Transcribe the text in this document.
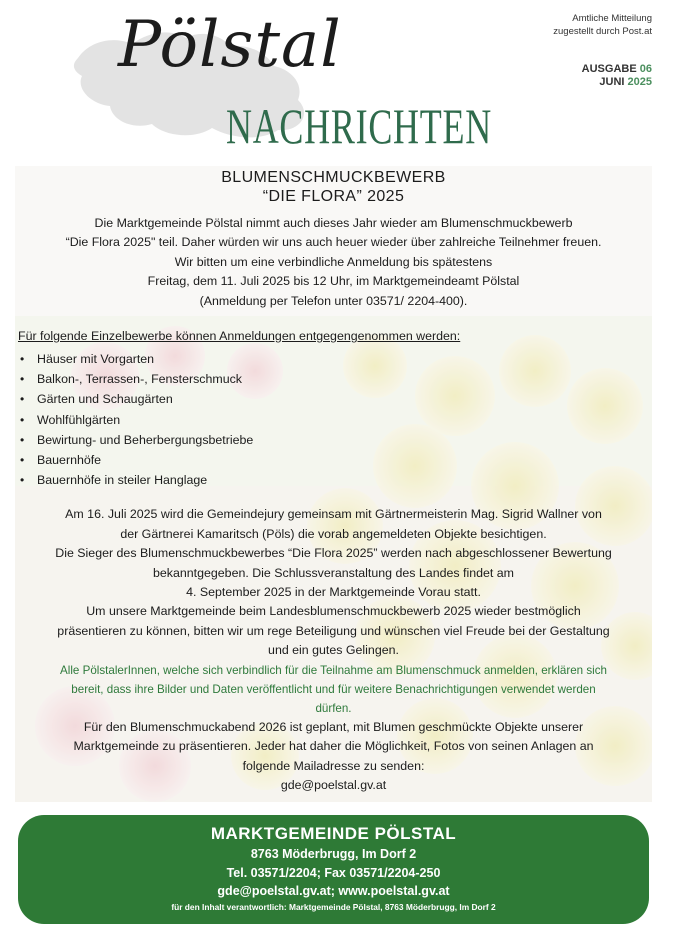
Pölstal
NACHRICHTEN
Amtliche Mitteilung
zugestellt durch Post.at
AUSGABE 06
JUNI 2025
BLUMENSCHMUCKBEWERB
“DIE FLORA” 2025

Die Marktgemeinde Pölstal nimmt auch dieses Jahr wieder am Blumenschmuckbewerb

“Die Flora 2025" teil. Daher würden wir uns auch heuer wieder über zahlreiche Teilnehmer freuen.

Wir bitten um eine verbindliche Anmeldung bis spätestens

Freitag, dem 11. Juli 2025 bis 12 Uhr, im Marktgemeindeamt Pölstal

(Anmeldung per Telefon unter 03571/ 2204-400).

Für folgende Einzelbewerbe können Anmeldungen entgegengenommen werden:
• Häuser mit Vorgarten
• Balkon-, Terrassen-, Fensterschmuck
• Gärten und Schaugärten
• Wohlfühlgärten
• Bewirtung- und Beherbergungsbetriebe
• Bauernhöfe
• Bauernhöfe in steiler Hanglage

Am 16. Juli 2025 wird die Gemeindejury gemeinsam mit Gärtnermeisterin Mag. Sigrid Wallner von

der Gärtnerei Kamaritsch (Pöls) die vorab angemeldeten Objekte besichtigen.

Die Sieger des Blumenschmuckbewerbes “Die Flora 2025” werden nach abgeschlossener Bewertung

bekanntgegeben. Die Schlussveranstaltung des Landes findet am

4. September 2025 in der Marktgemeinde Vorau statt.

Um unsere Marktgemeinde beim Landesblumenschmuckbewerb 2025 wieder bestmöglich

präsentieren zu können, bitten wir um rege Beteiligung und wünschen viel Freude bei der Gestaltung

und ein gutes Gelingen.

Alle PölstalerInnen, welche sich verbindlich für die Teilnahme am Blumenschmuck anmelden, erklären sich

bereit, dass ihre Bilder und Daten veröffentlicht und für weitere Benachrichtigungen verwendet werden

dürfen.

Für den Blumenschmuckabend 2026 ist geplant, mit Blumen geschmückte Objekte unserer

Marktgemeinde zu präsentieren. Jeder hat daher die Möglichkeit, Fotos von seinen Anlagen an

folgende Mailadresse zu senden:

gde@poelstal.gv.at

MARKTGEMEINDE PÖLSTAL
8763 Möderbrugg, Im Dorf 2
Tel. 03571/2204; Fax 03571/2204-250
gde@poelstal.gv.at; www.poelstal.gv.at
für den Inhalt verantwortlich: Marktgemeinde Pölstal, 8763 Möderbrugg, Im Dorf 2
